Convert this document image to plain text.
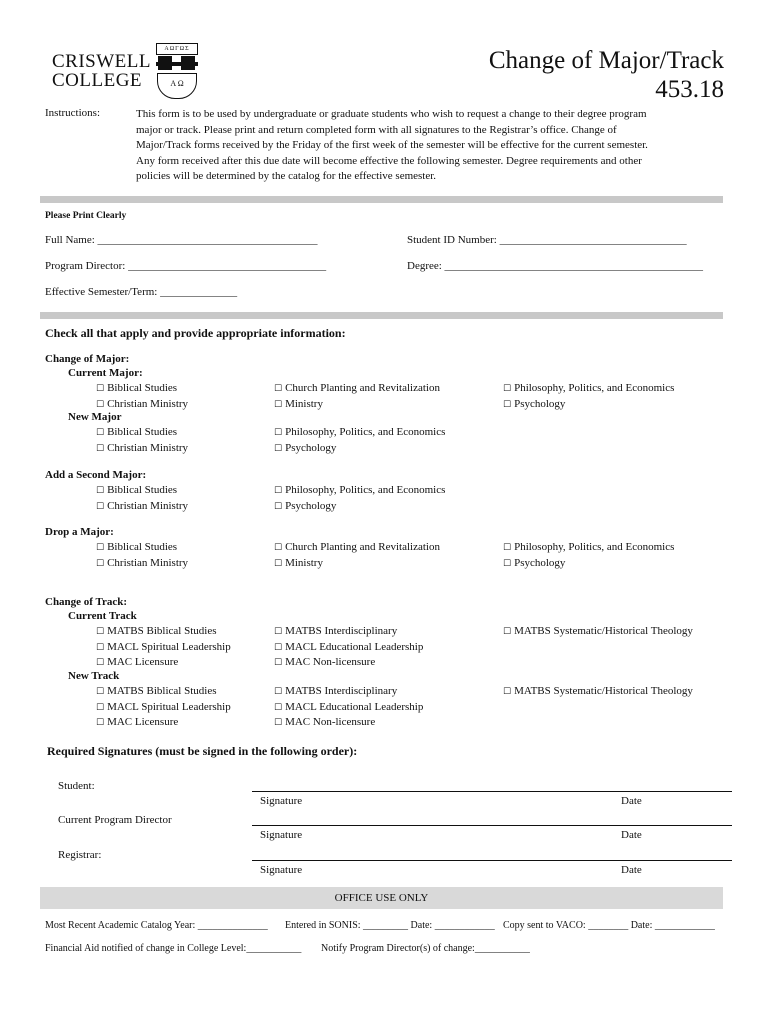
CRISWELL
COLLEGE
ΑΩΓΩΣ
Α Ω
Change of Major/Track
453.18
Instructions:	This form is to be used by undergraduate or graduate students who wish to request a change to their degree program
major or track. Please print and return completed form with all signatures to the Registrar’s office. Change of
Major/Track forms received by the Friday of the first week of the semester will be effective for the current semester.
Any form received after this due date will become effective the following semester. Degree requirements and other
policies will be determined by the catalog for the effective semester.
Please Print Clearly
Full Name: ________________________________________	Student ID Number: __________________________________
Program Director: ____________________________________	Degree: _______________________________________________
Effective Semester/Term: ______________
Check all that apply and provide appropriate information:
Change of Major:
Current Major:
☐ Biblical Studies
☐ Christian Ministry
☐ Church Planting and Revitalization
☐ Ministry
☐ Philosophy, Politics, and Economics
☐ Psychology
New Major
☐ Biblical Studies
☐ Christian Ministry
☐ Philosophy, Politics, and Economics
☐ Psychology
Add a Second Major:
☐ Biblical Studies
☐ Christian Ministry
☐ Philosophy, Politics, and Economics
☐ Psychology
Drop a Major:
☐ Biblical Studies
☐ Christian Ministry
☐ Church Planting and Revitalization
☐ Ministry
☐ Philosophy, Politics, and Economics
☐ Psychology
Change of Track:
Current Track
☐ MATBS Biblical Studies
☐ MACL Spiritual Leadership
☐ MAC Licensure
☐ MATBS Interdisciplinary
☐ MACL Educational Leadership
☐ MAC Non-licensure
☐ MATBS Systematic/Historical Theology
New Track
☐ MATBS Biblical Studies
☐ MACL Spiritual Leadership
☐ MAC Licensure
☐ MATBS Interdisciplinary
☐ MACL Educational Leadership
☐ MAC Non-licensure
☐ MATBS Systematic/Historical Theology
Required Signatures (must be signed in the following order):
Student:
Signature	Date
Current Program Director
Signature	Date
Registrar:
Signature	Date
OFFICE USE ONLY
Most Recent Academic Catalog Year: ______________ Entered in SONIS: _________ Date: ____________ Copy sent to VACO: ________ Date: ____________
Financial Aid notified of change in College Level:___________ Notify Program Director(s) of change:___________
